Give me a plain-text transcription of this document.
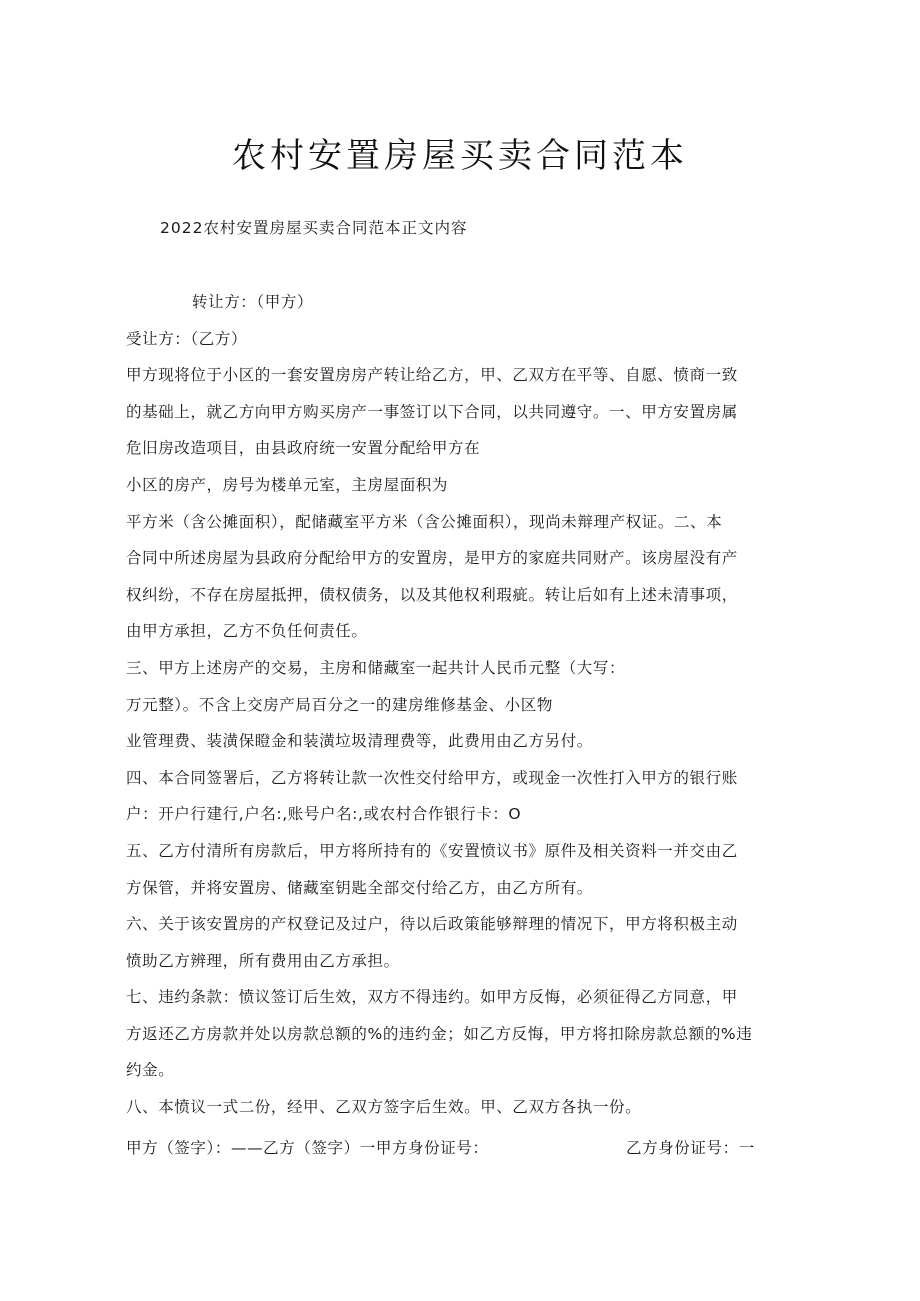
农村安置房屋买卖合同范本
2022农村安置房屋买卖合同范本正文内容

转让方：（甲方）

受让方：（乙方）

甲方现将位于小区的一套安置房房产转让给乙方，甲、乙双方在平等、自愿、愤商一致

的基础上，就乙方向甲方购买房产一事签订以下合同，以共同遵守。一、甲方安置房属

危旧房改造项目，由县政府统一安置分配给甲方在

小区的房产，房号为楼单元室，主房屋面积为

平方米（含公摊面积），配储藏室平方米（含公摊面积），现尚未辩理产权证。二、本

合同中所述房屋为县政府分配给甲方的安置房，是甲方的家庭共同财产。该房屋没有产

权纠纷，不存在房屋抵押，债权债务，以及其他权利瑕疵。转让后如有上述未清事项，

由甲方承担，乙方不负任何责任。

三、甲方上述房产的交易，主房和储藏室一起共计人民币元整（大写：

万元整）。不含上交房产局百分之一的建房维修基金、小区物

业管理费、装潢保瞪金和装潢垃圾清理费等，此费用由乙方另付。

四、本合同签署后，乙方将转让款一次性交付给甲方，或现金一次性打入甲方的银行账

户：开户行建行,户名:,账号户名:,或农村合作银行卡：O

五、乙方付清所有房款后，甲方将所持有的《安置愤议书》原件及相关资料一并交由乙

方保管，并将安置房、储藏室钥匙全部交付给乙方，由乙方所有。

六、关于该安置房的产权登记及过户，待以后政策能够辩理的情况下，甲方将积极主动

愤助乙方辨理，所有费用由乙方承担。

七、违约条款：愤议签订后生效，双方不得违约。如甲方反悔，必须征得乙方同意，甲

方返还乙方房款并处以房款总额的%的违约金；如乙方反悔，甲方将扣除房款总额的%违

约金。

八、本愤议一式二份，经甲、乙双方签字后生效。甲、乙双方各执一份。

甲方（签字）：——乙方（签字）一甲方身份证号：	乙方身份证号：一
